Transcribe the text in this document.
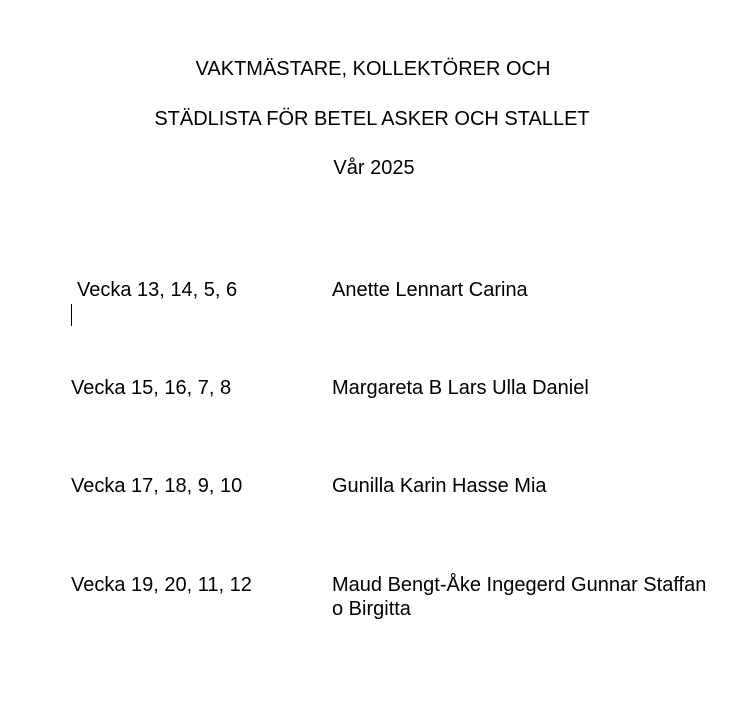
VAKTMÄSTARE, KOLLEKTÖRER OCH
STÄDLISTA FÖR BETEL ASKER OCH STALLET
Vår 2025
Vecka 13, 14, 5, 6	Anette Lennart Carina
Vecka 15, 16, 7, 8	Margareta B Lars Ulla Daniel
Vecka 17, 18, 9, 10	Gunilla Karin Hasse Mia
Vecka 19, 20, 11, 12	Maud Bengt-Åke Ingegerd Gunnar Staffan o Birgitta
